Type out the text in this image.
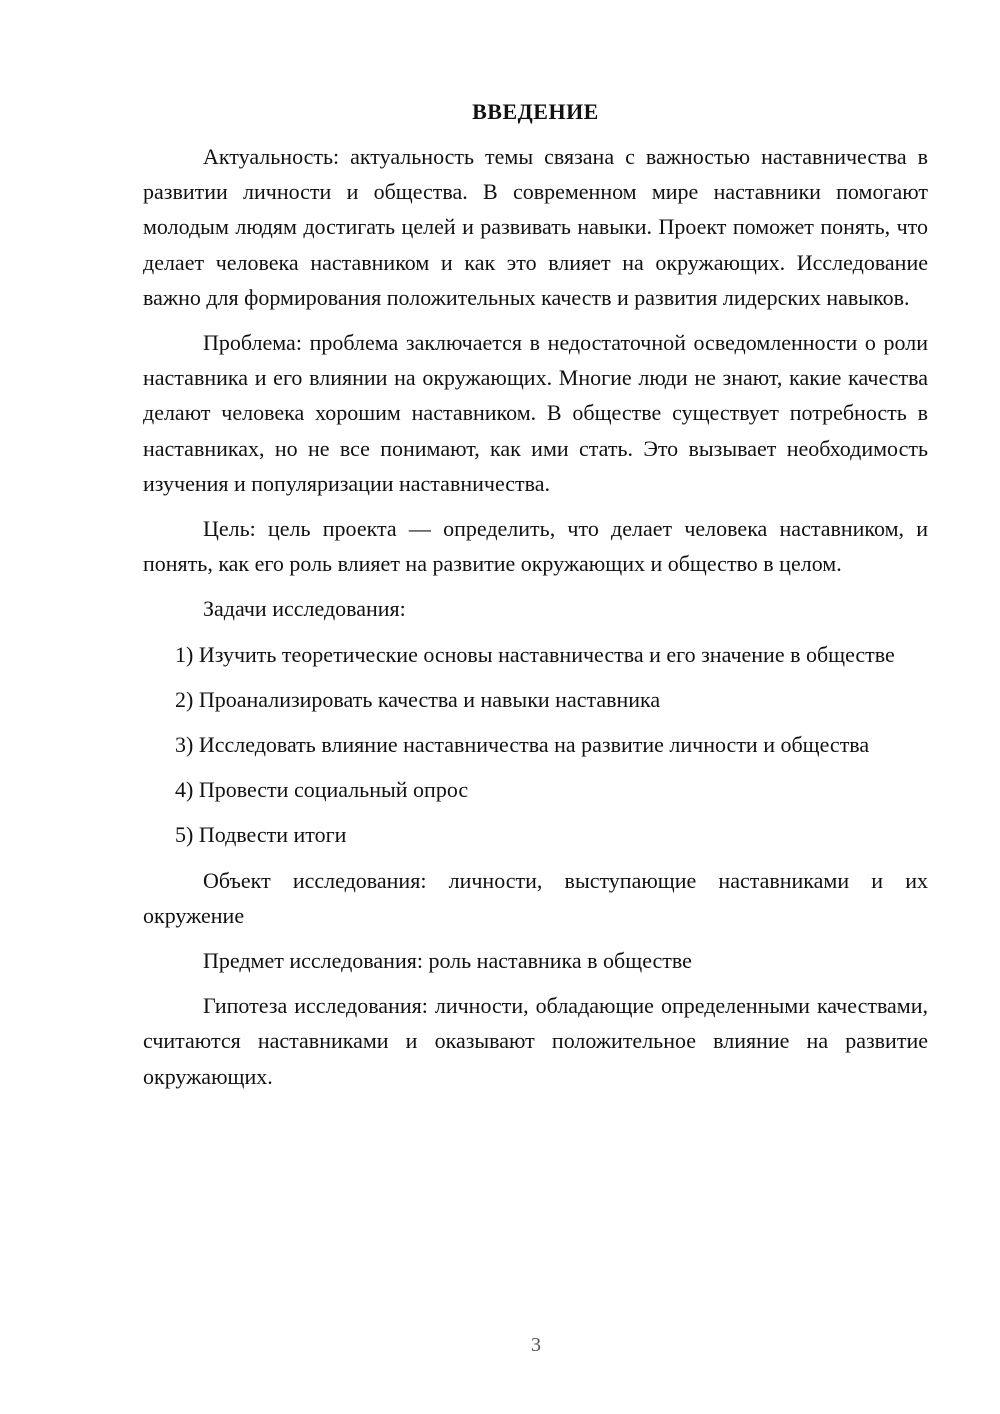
ВВЕДЕНИЕ

Актуальность: актуальность темы связана с важностью наставничества в развитии личности и общества. В современном мире наставники помогают молодым людям достигать целей и развивать навыки. Проект поможет понять, что делает человека наставником и как это влияет на окружающих. Исследование важно для формирования положительных качеств и развития лидерских навыков.

Проблема: проблема заключается в недостаточной осведомленности о роли наставника и его влиянии на окружающих. Многие люди не знают, какие качества делают человека хорошим наставником. В обществе существует потребность в наставниках, но не все понимают, как ими стать. Это вызывает необходимость изучения и популяризации наставничества.

Цель: цель проекта — определить, что делает человека наставником, и понять, как его роль влияет на развитие окружающих и общество в целом.

Задачи исследования:

1) Изучить теоретические основы наставничества и его значение в обществе

2) Проанализировать качества и навыки наставника

3) Исследовать влияние наставничества на развитие личности и общества

4) Провести социальный опрос

5) Подвести итоги

Объект исследования: личности, выступающие наставниками и их окружение

Предмет исследования: роль наставника в обществе

Гипотеза исследования: личности, обладающие определенными качествами, считаются наставниками и оказывают положительное влияние на развитие окружающих.

3
